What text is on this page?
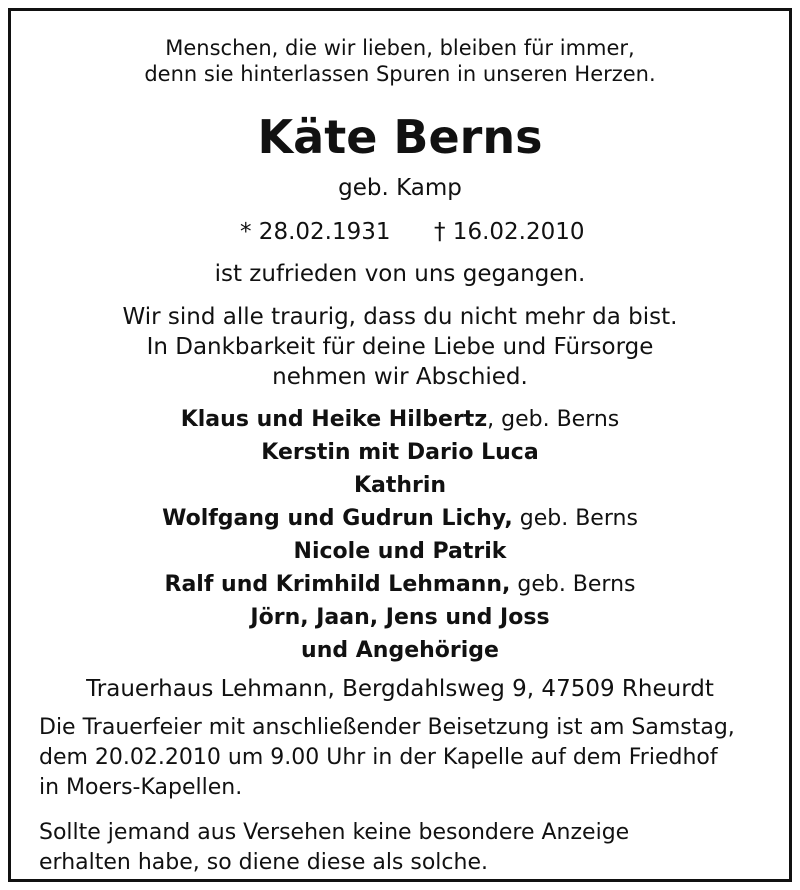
Menschen, die wir lieben, bleiben für immer,
denn sie hinterlassen Spuren in unseren Herzen.
Käte Berns
geb. Kamp
* 28.02.1931 † 16.02.2010
ist zufrieden von uns gegangen.
Wir sind alle traurig, dass du nicht mehr da bist.
In Dankbarkeit für deine Liebe und Fürsorge
nehmen wir Abschied.
Klaus und Heike Hilbertz, geb. Berns
Kerstin mit Dario Luca
Kathrin
Wolfgang und Gudrun Lichy, geb. Berns
Nicole und Patrik
Ralf und Krimhild Lehmann, geb. Berns
Jörn, Jaan, Jens und Joss
und Angehörige
Trauerhaus Lehmann, Bergdahlsweg 9, 47509 Rheurdt
Die Trauerfeier mit anschließender Beisetzung ist am Samstag,
dem 20.02.2010 um 9.00 Uhr in der Kapelle auf dem Friedhof
in Moers-Kapellen.
Sollte jemand aus Versehen keine besondere Anzeige
erhalten habe, so diene diese als solche.
